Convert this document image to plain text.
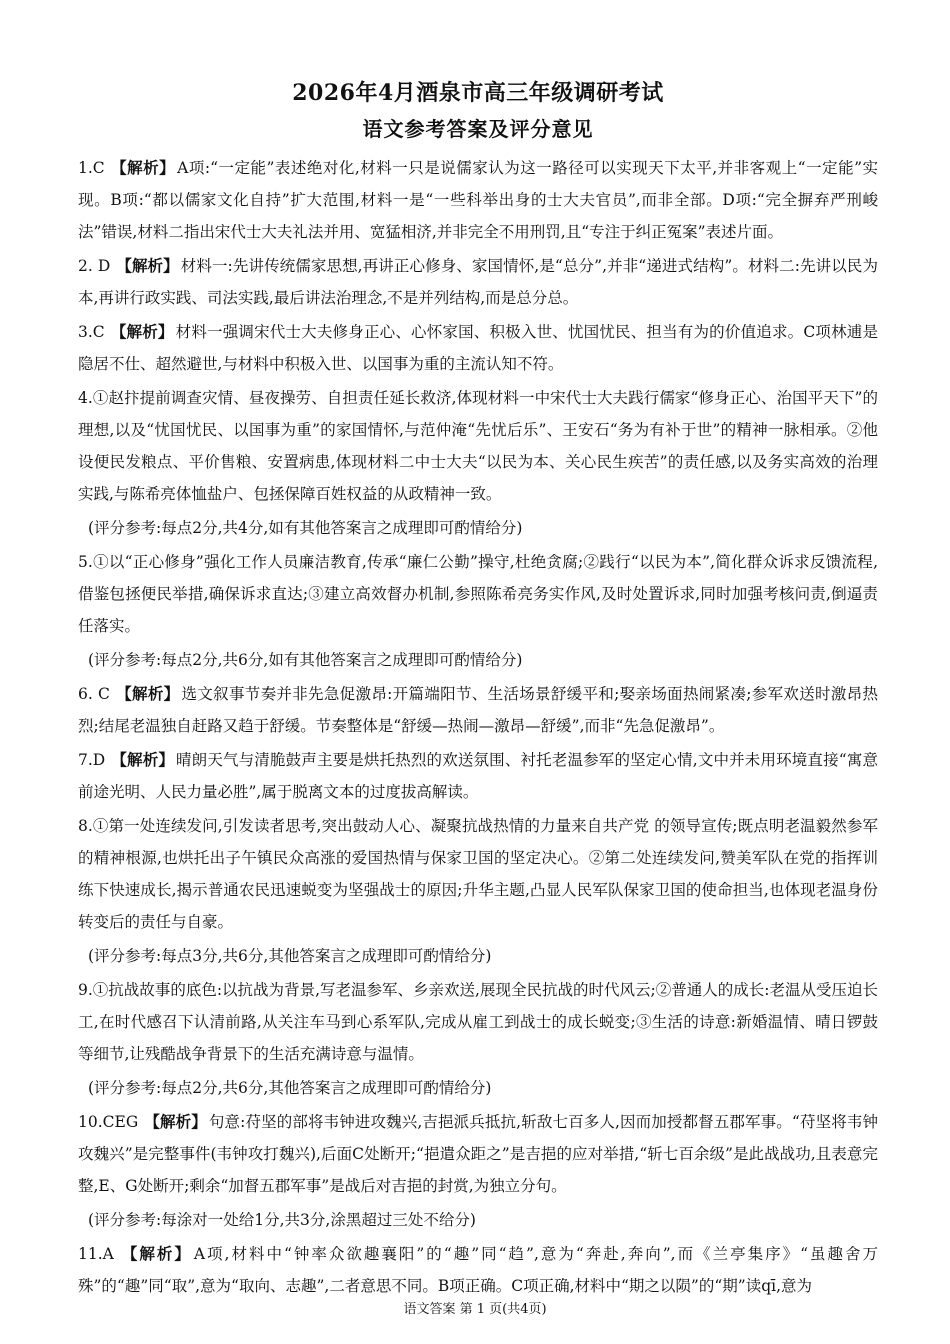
2026年4月酒泉市高三年级调研考试
语文参考答案及评分意见

1.C 【解析】 A项:“一定能”表述绝对化,材料一只是说儒家认为这一路径可以实现天下太平,并非客观上“一定能”实现。B项:“都以儒家文化自持”扩大范围,材料一是“一些科举出身的士大夫官员”,而非全部。D项:“完全摒弃严刑峻法”错误,材料二指出宋代士大夫礼法并用、宽猛相济,并非完全不用刑罚,且“专注于纠正冤案”表述片面。

2. D 【解析】 材料一:先讲传统儒家思想,再讲正心修身、家国情怀,是“总分”,并非“递进式结构”。材料二:先讲以民为本,再讲行政实践、司法实践,最后讲法治理念,不是并列结构,而是总分总。

3.C 【解析】 材料一强调宋代士大夫修身正心、心怀家国、积极入世、忧国忧民、担当有为的价值追求。C项林逋是隐居不仕、超然避世,与材料中积极入世、以国事为重的主流认知不符。

4.①赵抃提前调查灾情、昼夜操劳、自担责任延长救济,体现材料一中宋代士大夫践行儒家“修身正心、治国平天下”的理想,以及“忧国忧民、以国事为重”的家国情怀,与范仲淹“先忧后乐”、王安石“务为有补于世”的精神一脉相承。②他设便民发粮点、平价售粮、安置病患,体现材料二中士大夫“以民为本、关心民生疾苦”的责任感,以及务实高效的治理实践,与陈希亮体恤盐户、包拯保障百姓权益的从政精神一致。

(评分参考:每点2分,共4分,如有其他答案言之成理即可酌情给分)

5.①以“正心修身”强化工作人员廉洁教育,传承“廉仁公勤”操守,杜绝贪腐;②践行“以民为本”,简化群众诉求反馈流程,借鉴包拯便民举措,确保诉求直达;③建立高效督办机制,参照陈希亮务实作风,及时处置诉求,同时加强考核问责,倒逼责任落实。

(评分参考:每点2分,共6分,如有其他答案言之成理即可酌情给分)

6. C 【解析】 选文叙事节奏并非先急促激昂:开篇端阳节、生活场景舒缓平和;娶亲场面热闹紧凑;参军欢送时激昂热烈;结尾老温独自赶路又趋于舒缓。节奏整体是“舒缓—热闹—激昂—舒缓”,而非“先急促激昂”。

7.D 【解析】 晴朗天气与清脆鼓声主要是烘托热烈的欢送氛围、衬托老温参军的坚定心情,文中并未用环境直接“寓意前途光明、人民力量必胜”,属于脱离文本的过度拔高解读。

8.①第一处连续发问,引发读者思考,突出鼓动人心、凝聚抗战热情的力量来自共产党 的领导宣传;既点明老温毅然参军的精神根源,也烘托出子午镇民众高涨的爱国热情与保家卫国的坚定决心。②第二处连续发问,赞美军队在党的指挥训练下快速成长,揭示普通农民迅速蜕变为坚强战士的原因;升华主题,凸显人民军队保家卫国的使命担当,也体现老温身份转变后的责任与自豪。

(评分参考:每点3分,共6分,其他答案言之成理即可酌情给分)

9.①抗战故事的底色:以抗战为背景,写老温参军、乡亲欢送,展现全民抗战的时代风云;②普通人的成长:老温从受压迫长工,在时代感召下认清前路,从关注车马到心系军队,完成从雇工到战士的成长蜕变;③生活的诗意:新婚温情、晴日锣鼓等细节,让残酷战争背景下的生活充满诗意与温情。

(评分参考:每点2分,共6分,其他答案言之成理即可酌情给分)

10.CEG 【解析】 句意:苻坚的部将韦钟进攻魏兴,吉挹派兵抵抗,斩敌七百多人,因而加授都督五郡军事。“苻坚将韦钟攻魏兴”是完整事件(韦钟攻打魏兴),后面C处断开;“挹遣众距之”是吉挹的应对举措,“斩七百余级”是此战战功,且表意完整,E、G处断开;剩余“加督五郡军事”是战后对吉挹的封赏,为独立分句。

(评分参考:每涂对一处给1分,共3分,涂黑超过三处不给分)

11.A 【解析】 A项,材料中“钟率众欲趣襄阳”的“趣”同“趋”,意为“奔赴,奔向”,而《兰亭集序》“虽趣舍万殊”的“趣”同“取”,意为“取向、志趣”,二者意思不同。B项正确。C项正确,材料中“期之以陨”的“期”读qī,意为

语文答案 第 1 页(共4页)
